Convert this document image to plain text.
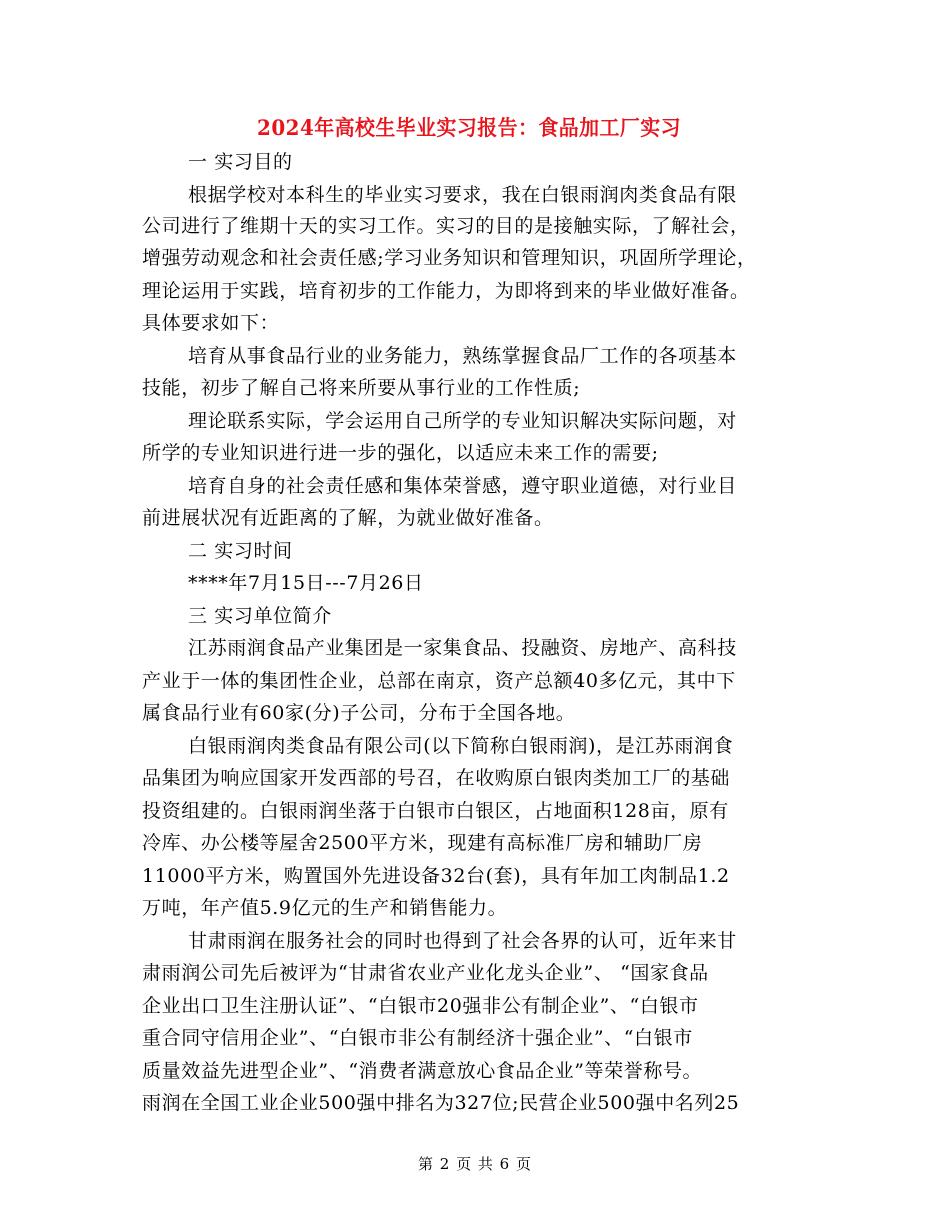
2024年高校生毕业实习报告：食品加工厂实习
一 实习目的
根据学校对本科生的毕业实习要求，我在白银雨润肉类食品有限
公司进行了维期十天的实习工作。实习的目的是接触实际，了解社会，
增强劳动观念和社会责任感;学习业务知识和管理知识，巩固所学理论，
理论运用于实践，培育初步的工作能力，为即将到来的毕业做好准备。
具体要求如下：
培育从事食品行业的业务能力，熟练掌握食品厂工作的各项基本
技能，初步了解自己将来所要从事行业的工作性质;
理论联系实际，学会运用自己所学的专业知识解决实际问题，对
所学的专业知识进行进一步的强化，以适应未来工作的需要;
培育自身的社会责任感和集体荣誉感，遵守职业道德，对行业目
前进展状况有近距离的了解，为就业做好准备。
二 实习时间
****年7月15日---7月26日
三 实习单位简介
江苏雨润食品产业集团是一家集食品、投融资、房地产、高科技
产业于一体的集团性企业，总部在南京，资产总额40多亿元，其中下
属食品行业有60家(分)子公司，分布于全国各地。
白银雨润肉类食品有限公司(以下简称白银雨润)，是江苏雨润食
品集团为响应国家开发西部的号召，在收购原白银肉类加工厂的基础
投资组建的。白银雨润坐落于白银市白银区，占地面积128亩，原有
冷库、办公楼等屋舍2500平方米，现建有高标准厂房和辅助厂房
11000平方米，购置国外先进设备32台(套)，具有年加工肉制品1.2
万吨，年产值5.9亿元的生产和销售能力。
甘肃雨润在服务社会的同时也得到了社会各界的认可，近年来甘
肃雨润公司先后被评为“甘肃省农业产业化龙头企业”、 “国家食品
企业出口卫生注册认证”、“白银市20强非公有制企业”、“白银市
重合同守信用企业”、“白银市非公有制经济十强企业”、“白银市
质量效益先进型企业”、“消费者满意放心食品企业”等荣誉称号。
雨润在全国工业企业500强中排名为327位;民营企业500强中名列25
第 2 页 共 6 页
